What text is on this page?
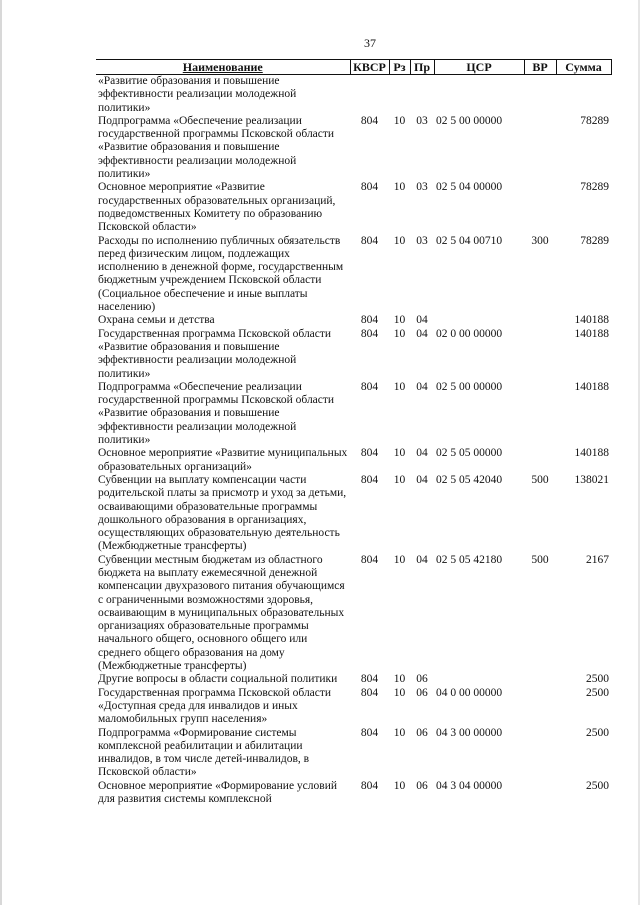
37
Наименование	КВСР	Рз	Пр	ЦСР	ВР	Сумма
«Развитие образования и повышение эффективности реализации молодежной политики»						
Подпрограмма «Обеспечение реализации государственной программы Псковской области «Развитие образования и повышение эффективности реализации молодежной политики»	804	10	03	02 5 00 00000		78289
Основное мероприятие «Развитие государственных образовательных организаций, подведомственных Комитету по образованию Псковской области»	804	10	03	02 5 04 00000		78289
Расходы по исполнению публичных обязательств перед физическим лицом, подлежащих исполнению в денежной форме, государственным бюджетным учреждением Псковской области (Социальное обеспечение и иные выплаты населению)	804	10	03	02 5 04 00710	300	78289
Охрана семьи и детства	804	10	04			140188
Государственная программа Псковской области «Развитие образования и повышение эффективности реализации молодежной политики»	804	10	04	02 0 00 00000		140188
Подпрограмма «Обеспечение реализации государственной программы Псковской области «Развитие образования и повышение эффективности реализации молодежной политики»	804	10	04	02 5 00 00000		140188
Основное мероприятие «Развитие муниципальных образовательных организаций»	804	10	04	02 5 05 00000		140188
Субвенции на выплату компенсации части родительской платы за присмотр и уход за детьми, осваивающими образовательные программы дошкольного образования в организациях, осуществляющих образовательную деятельность (Межбюджетные трансферты)	804	10	04	02 5 05 42040	500	138021
Субвенции местным бюджетам из областного бюджета на выплату ежемесячной денежной компенсации двухразового питания обучающимся с ограниченными возможностями здоровья, осваивающим в муниципальных образовательных организациях образовательные программы начального общего, основного общего или среднего общего образования на дому (Межбюджетные трансферты)	804	10	04	02 5 05 42180	500	2167
Другие вопросы в области социальной политики	804	10	06			2500
Государственная программа Псковской области «Доступная среда для инвалидов и иных маломобильных групп населения»	804	10	06	04 0 00 00000		2500
Подпрограмма «Формирование системы комплексной реабилитации и абилитации инвалидов, в том числе детей-инвалидов, в Псковской области»	804	10	06	04 3 00 00000		2500
Основное мероприятие «Формирование условий для развития системы комплексной	804	10	06	04 3 04 00000		2500
